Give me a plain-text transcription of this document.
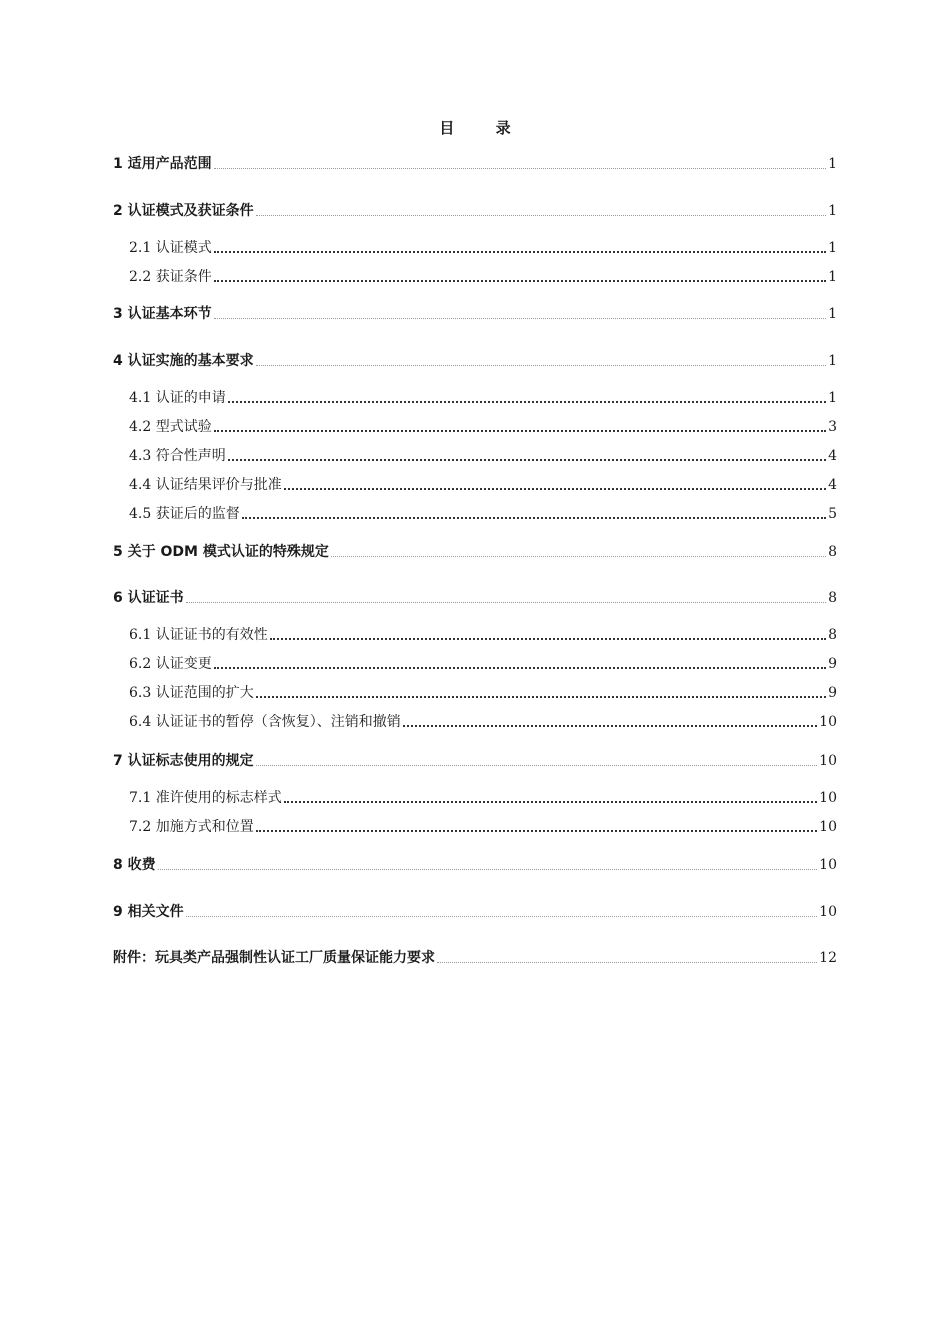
目 录
1 适用产品范围	1
2 认证模式及获证条件	1
2.1 认证模式	1
2.2 获证条件	1
3 认证基本环节	1
4 认证实施的基本要求	1
4.1 认证的申请	1
4.2 型式试验	3
4.3 符合性声明	4
4.4 认证结果评价与批准	4
4.5 获证后的监督	5
5 关于 ODM 模式认证的特殊规定	8
6 认证证书	8
6.1 认证证书的有效性	8
6.2 认证变更	9
6.3 认证范围的扩大	9
6.4 认证证书的暂停（含恢复）、注销和撤销	10
7 认证标志使用的规定	10
7.1 准许使用的标志样式	10
7.2 加施方式和位置	10
8 收费	10
9 相关文件	10
附件：玩具类产品强制性认证工厂质量保证能力要求	12
